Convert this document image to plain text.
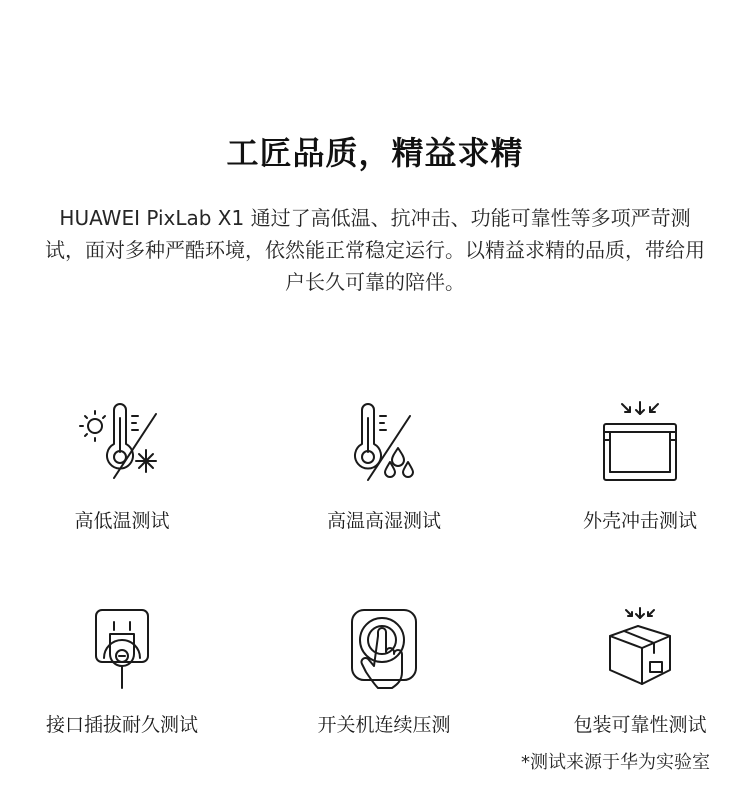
工匠品质，精益求精

HUAWEI PixLab X1 通过了高低温、抗冲击、功能可靠性等多项严苛测试，面对多种严酷环境，依然能正常稳定运行。以精益求精的品质，带给用户长久可靠的陪伴。

高低温测试	高温高湿测试	外壳冲击测试
接口插拔耐久测试	开关机连续压测	包装可靠性测试
*测试来源于华为实验室
